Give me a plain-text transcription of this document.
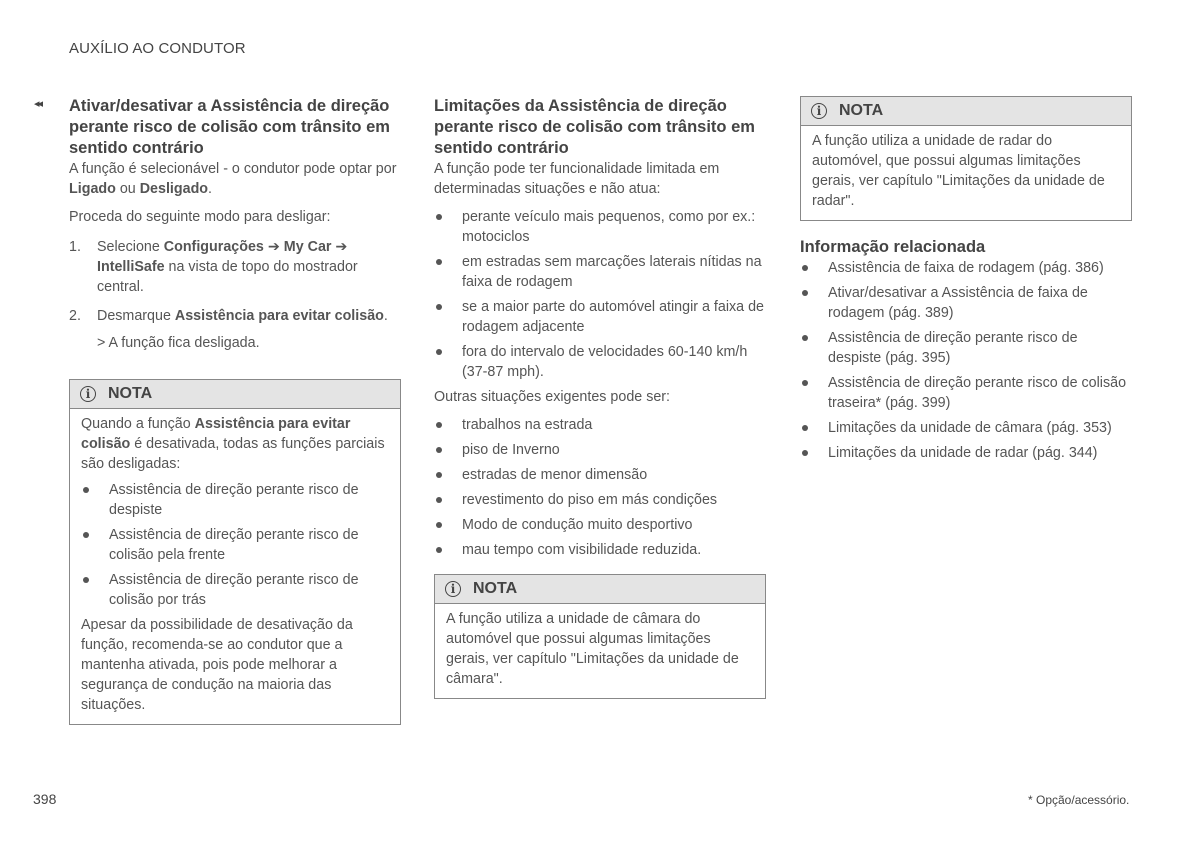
AUXÍLIO AO CONDUTOR
◂◂ Ativar/desativar a Assistência de direção perante risco de colisão com trânsito em sentido contrário

A função é selecionável - o condutor pode optar por Ligado ou Desligado.

Proceda do seguinte modo para desligar:

1. Selecione Configurações ➔ My Car ➔ IntelliSafe na vista de topo do mostrador central.
2. Desmarque Assistência para evitar colisão.
> A função fica desligada.
i	NOTA

Quando a função Assistência para evitar colisão é desativada, todas as funções parciais são desligadas:

Assistência de direção perante risco de despiste
Assistência de direção perante risco de colisão pela frente
Assistência de direção perante risco de colisão por trás

Apesar da possibilidade de desativação da função, recomenda-se ao condutor que a mantenha ativada, pois pode melhorar a segurança de condução na maioria das situações.

Limitações da Assistência de direção perante risco de colisão com trânsito em sentido contrário

A função pode ter funcionalidade limitada em determinadas situações e não atua:

perante veículo mais pequenos, como por ex.: motociclos
em estradas sem marcações laterais nítidas na faixa de rodagem
se a maior parte do automóvel atingir a faixa de rodagem adjacente
fora do intervalo de velocidades 60-140 km/h (37-87 mph).

Outras situações exigentes pode ser:

trabalhos na estrada
piso de Inverno
estradas de menor dimensão
revestimento do piso em más condições
Modo de condução muito desportivo
mau tempo com visibilidade reduzida.
i	NOTA

A função utiliza a unidade de câmara do automóvel que possui algumas limitações gerais, ver capítulo "Limitações da unidade de câmara".

i	NOTA

A função utiliza a unidade de radar do automóvel, que possui algumas limitações gerais, ver capítulo "Limitações da unidade de radar".

Informação relacionada
Assistência de faixa de rodagem (pág. 386)
Ativar/desativar a Assistência de faixa de rodagem (pág. 389)
Assistência de direção perante risco de despiste (pág. 395)
Assistência de direção perante risco de colisão traseira* (pág. 399)
Limitações da unidade de câmara (pág. 353)
Limitações da unidade de radar (pág. 344)
398	* Opção/acessório.
